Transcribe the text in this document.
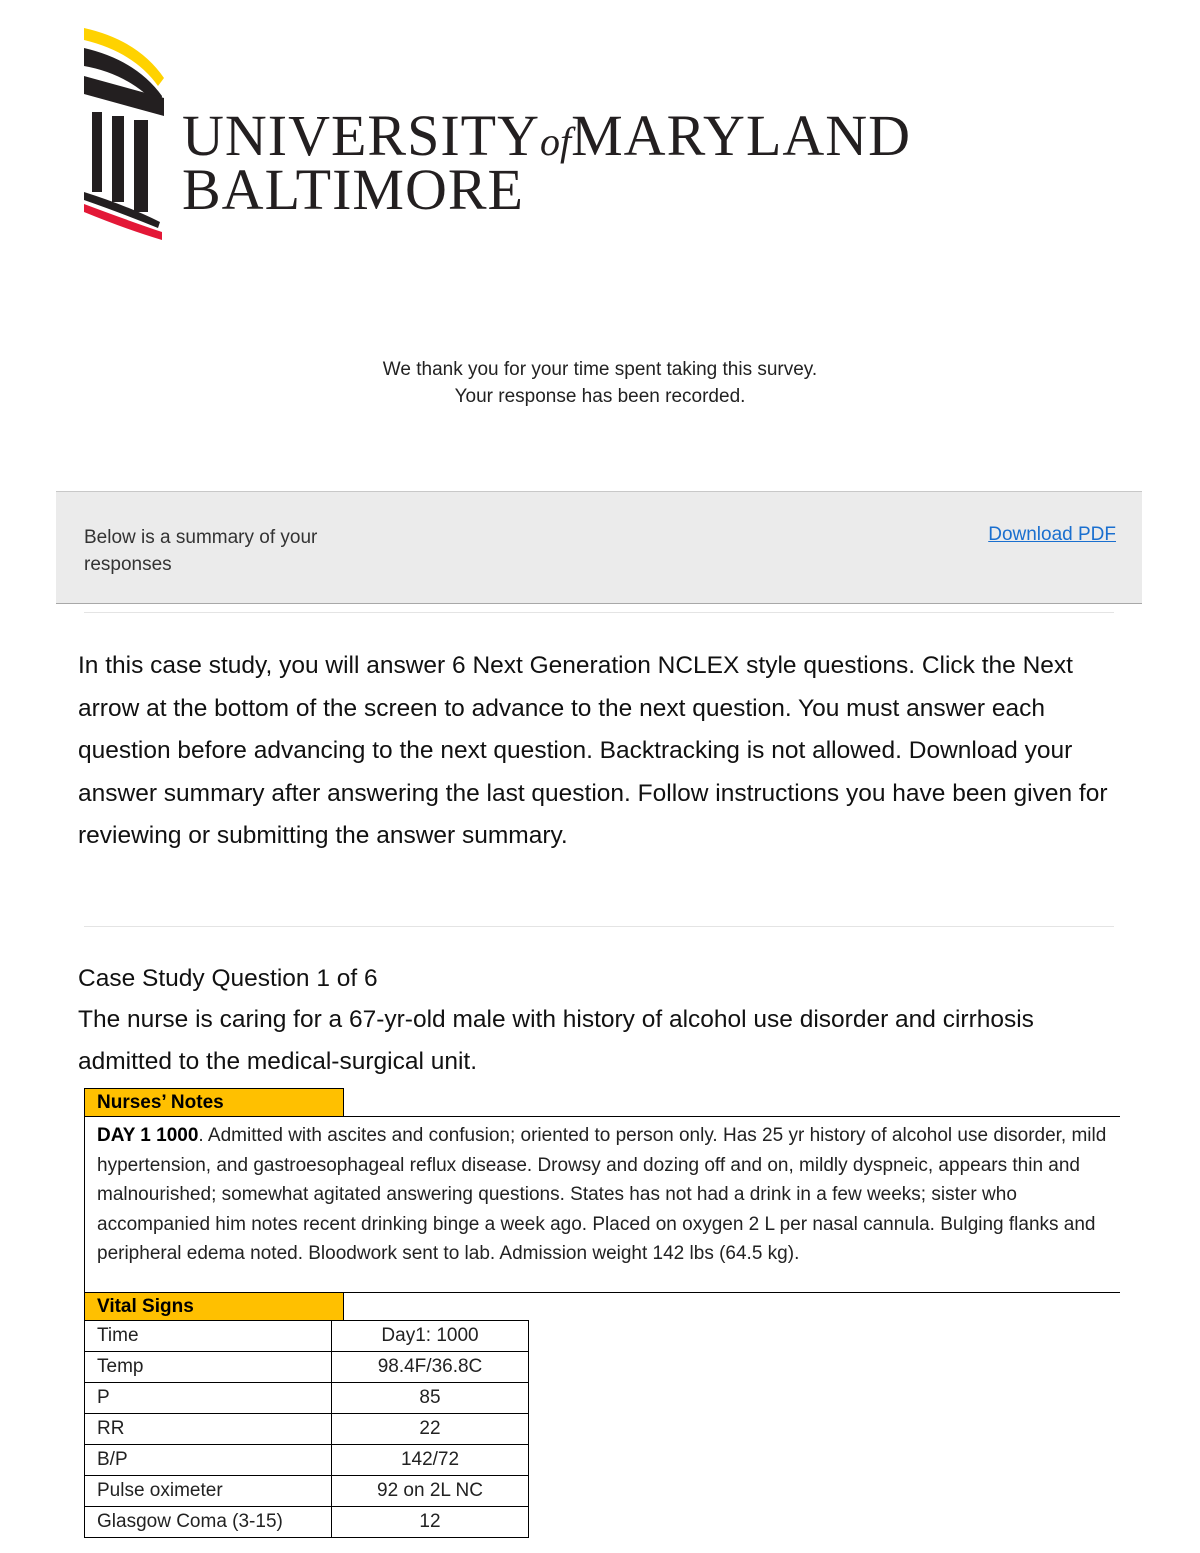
UNIVERSITYofMARYLAND
BALTIMORE
We thank you for your time spent taking this survey.
Your response has been recorded.
Below is a summary of your responses
Download PDF
In this case study, you will answer 6 Next Generation NCLEX style questions. Click the Next arrow at the bottom of the screen to advance to the next question. You must answer each question before advancing to the next question. Backtracking is not allowed. Download your answer summary after answering the last question. Follow instructions you have been given for reviewing or submitting the answer summary.
Case Study Question 1 of 6
The nurse is caring for a 67-yr-old male with history of alcohol use disorder and cirrhosis admitted to the medical-surgical unit.
Nurses’ Notes
DAY 1 1000. Admitted with ascites and confusion; oriented to person only. Has 25 yr history of alcohol use disorder, mild hypertension, and gastroesophageal reflux disease. Drowsy and dozing off and on, mildly dyspneic, appears thin and malnourished; somewhat agitated answering questions. States has not had a drink in a few weeks; sister who accompanied him notes recent drinking binge a week ago. Placed on oxygen 2 L per nasal cannula. Bulging flanks and peripheral edema noted. Bloodwork sent to lab. Admission weight 142 lbs (64.5 kg).
Vital Signs
Time	Day1: 1000
Temp	98.4F/36.8C
P	85
RR	22
B/P	142/72
Pulse oximeter	92 on 2L NC
Glasgow Coma (3-15)	12
